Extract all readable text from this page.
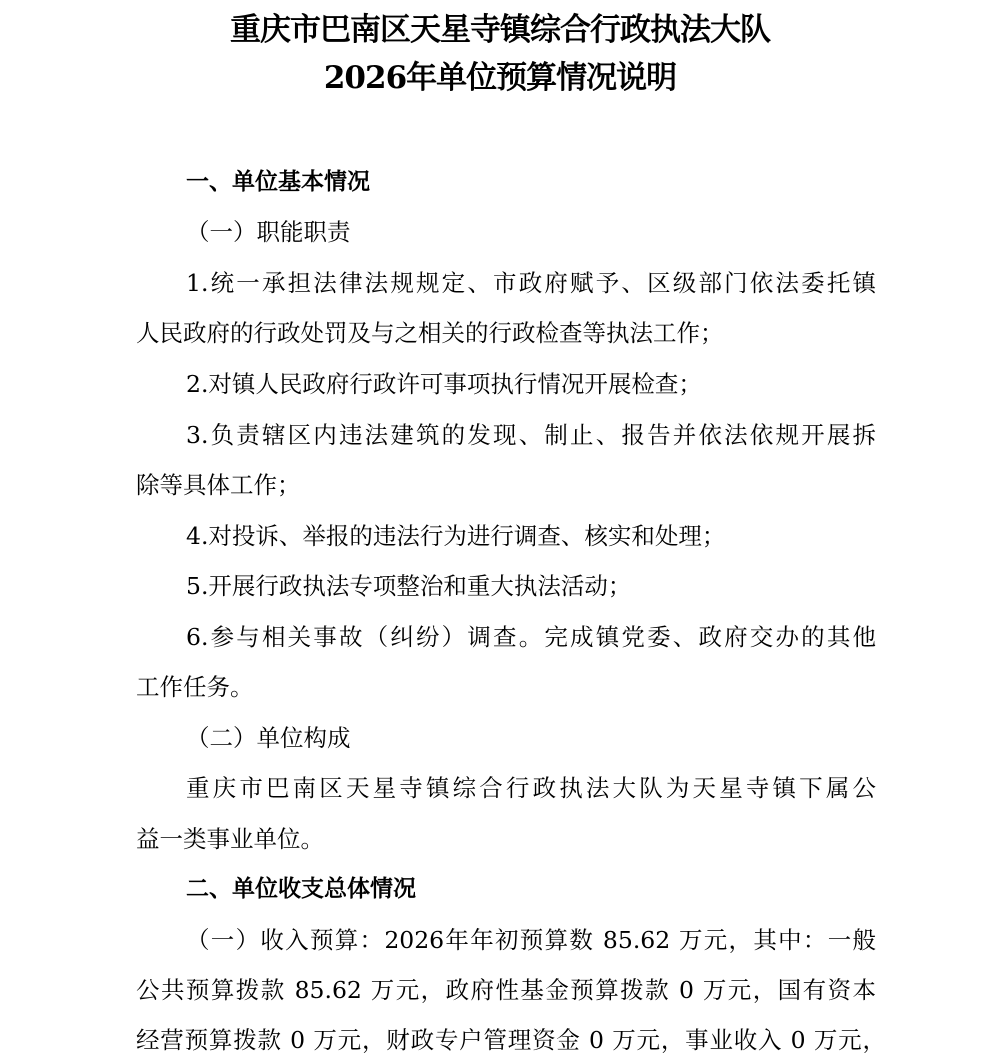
重庆市巴南区天星寺镇综合行政执法大队
2026年单位预算情况说明
一、单位基本情况
（一）职能职责
1.统一承担法律法规规定、市政府赋予、区级部门依法委托镇
人民政府的行政处罚及与之相关的行政检查等执法工作；
2.对镇人民政府行政许可事项执行情况开展检查；
3.负责辖区内违法建筑的发现、制止、报告并依法依规开展拆
除等具体工作；
4.对投诉、举报的违法行为进行调查、核实和处理；
5.开展行政执法专项整治和重大执法活动；
6.参与相关事故（纠纷）调查。完成镇党委、政府交办的其他
工作任务。
（二）单位构成
重庆市巴南区天星寺镇综合行政执法大队为天星寺镇下属公
益一类事业单位。
二、单位收支总体情况
（一）收入预算：2026年年初预算数 85.62 万元，其中：一般
公共预算拨款 85.62 万元，政府性基金预算拨款 0 万元，国有资本
经营预算拨款 0 万元，财政专户管理资金 0 万元，事业收入 0 万元，
